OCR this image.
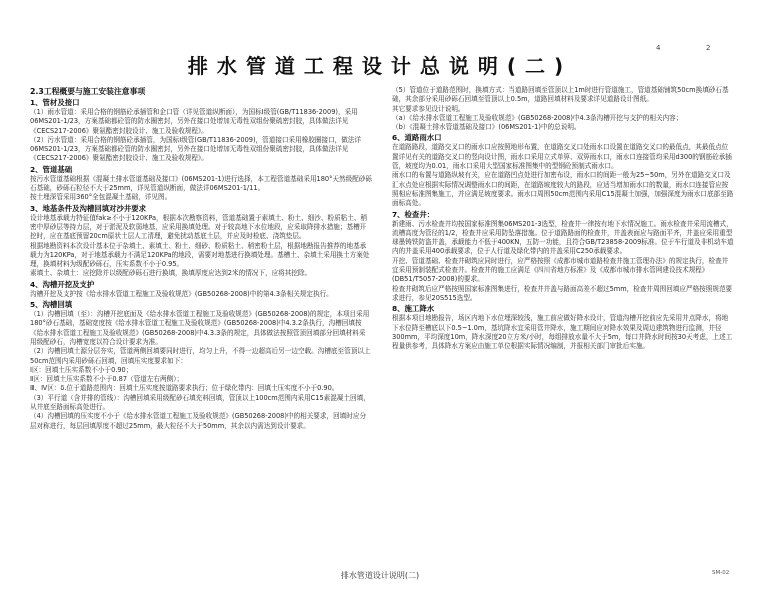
4	2
排水管道工程设计总说明(二)

2.3工程概要与施工安装注意事项

1、管材及接口

（1）雨水管道：采用合格的钢筋砼承插管和企口管（详见管道纵断面），为国标I级管(GB/T11836-2009)，采用06MS201-1/23，方案基础都砼管的防水圈密封，另外在接口处增加无毒性双组份聚硫密封胶，具体做法详见《CECS217-2006》聚氨酯密封胶设计、施工及验收规程》。

（2）污水管道：采用合格的钢筋砼承插管，为国标I级管(GB/T11836-2009)，管道接口采用橡胶圈接口，做法详06MS201-1/23，方案基础都砼管的防水圈密封，另外在接口处增加无毒性双组份聚硫密封胶，具体做法详见《CECS217-2006》聚氨酯密封胶设计、施工及验收规程》。

2、管道基础

按污水管道基础根据《混凝土排水管道基础及接口》(06MS201-1)进行选择，本工程管道基础采用180°天然级配砂砾石基础，砂砾石粒径不大于25mm，详见管道纵断面，做法详06MS201-1/11。

按土埋深管采用360°全包混凝土基础，详见图。

3、地基条件及沟槽回填对沙井要求

设计地基承载力特征值fak≥不小于120KPa，根据本次勘察资料，管道基础置于素填土、粉土、细沙、粉质粘土、稍密中厚砂层等持力层，对于淤泥及软弱地基，应采用换填处理。对于较高地下水位地段，应采取降排水措施；基槽开挖时，应在基底预留20cm原状土层人工清理，避免扰动基底土层，并应及时检底、浇筑垫层。

根据地勘资料本次设计基本位于杂填土、素填土、粉土、细砂、粉质粘土、稍密粉土层，根据地勘报告推荐的地基承载力为120KPa，对于地基承载力不满足120KPa的地段，需要对地基进行换填处理。基槽土、杂填土采用换土方案处理，换填材料为级配砂砾石，压实系数不小于0.95。

素填土、杂填土：应挖除并以级配砂砾石进行换填，换填厚度应达到2米的情况下，应将其挖除。

4、沟槽开挖及支护

沟槽开挖及支护按《给水排水管道工程施工及验收规范》(GB50268-2008)中的第4.3条相关规定执行。

5、沟槽回填

（1）沟槽回填（至）：沟槽开挖底面及《给水排水管道工程施工及验收规范》(GB50268-2008)的规定，本项目采用180°砂石基础，基础宽度按《给水排水管道工程施工及验收规范》(GB50268-2008)中4.3.2条执行，沟槽回填按《给水排水管道工程施工及验收规范》(GB50268-2008)中4.3.3条的规定，具体做法按照管顶回填部分回填材料采用级配砂石，沟槽宽度以符合设计要求为准。

（2）沟槽回填土源分层夯实，管道两侧回填要同时进行，均匀上升，不得一边超高后另一边空载。沟槽底至管顶以上50cm范围内采用砂砾石回填，回填压实度要求如下：

Ⅰ区：回填土压实系数不小于0.90；

Ⅱ区：回填土压实系数不小于0.87（管道左右两侧）；

Ⅲ、Ⅳ区：δ.位于道路范围内：回填土压实度按道路要求执行；位于绿化带内：回填土压实度不小于0.90。

（3）平行道（含并排的管线）：沟槽回填采用级配砂石填充料回填，管顶以上100cm范围内采用C15素混凝土回填，从井底至路面标高处进行。

（4）沟槽回填的压实度不小于《给水排水管道工程施工及验收规范》(GB50268-2008)中的相关要求，回填时应分层对称进行，每层回填厚度不超过25mm，最大粒径不大于50mm，其余以内需达到设计要求。

（5）管道位于道路范围时，换填方式：当道路回填至管顶以上1m时进行管道施工，管道基础铺筑50cm换填砂石基础，其余部分采用砂砾石回填至管顶以上0.5m，道路回填材料及要求详见道路设计图纸。

其它要求参见设计说明。

（a）《给水排水管道工程施工及验收规范》(GB50268-2008)中4.3条沟槽开挖与支护的相关内容；

（b）《混凝土排水管道基础及接口》(06MS201-1)中的总说明。

6、道路雨水口

在道路路段，道路交叉口的雨水口应按照地形布置，在道路交叉口处雨水口设置在道路交叉口的最低点，其最低点位置详见有关的道路交叉口的竖向设计图，雨水口采用立式单箅、双箅雨水口，雨水口连接管均采用d300的钢筋砼承插管，坡度均为0.01，雨水口采用大型国家标准图集中的型钢砼预制式雨水口。

雨水口的布置与道路纵坡有关，应在道路凹点处进行加密布设，雨水口的间距一般为25~50m，另外在道路交叉口及汇水点处应根据实际情况调整雨水口的间距，在道路坡度较大的路段，应适当增加雨水口的数量，雨水口连接管应按照相应标准图集施工，并应满足坡度要求。雨水口周围50cm范围内采用C15混凝土加强，加强深度为雨水口底部至路面标高处。

7、检查井：

新建雨、污水检查井均按国家标准图集06MS201-3选型，检查井一律按有地下水情况施工。雨水检查井采用流槽式，流槽高度为管径的1/2，检查井应采用防坠落措施。位于道路路面的检查井，井盖表面应与路面平齐，井盖应采用重型球墨铸铁防盗井盖，承载能力不低于400KN，五防一功能，且符合GB/T23858-2009标准。位于车行道及非机动车道内的井盖采用400承载要求，位于人行道及绿化带内的井盖采用C250承载要求。

开挖、管道基础、检查井砌筑应同时进行，应严格按照《成都市城市道路检查井施工管理办法》的规定执行，检查井宜采用预制装配式检查井。检查井的施工应满足《四川省地方标准》及《成都市城市排水管网建设技术规程》(DB51/T5057-2008)的要求。

检查井砌筑后应严格按照国家标准图集进行，检查井井盖与路面高差不超过5mm，检查井周围回填应严格按照规范要求进行，参见20S515选型。

8、施工降水

根据本项目地勘报告，场区内地下水位埋深较浅，施工前应做好降水设计，管道沟槽开挖前应先采用井点降水，将地下水位降至槽底以下0.5~1.0m，基坑降水宜采用管井降水，施工期间应对降水效果及周边建筑物进行监测，井径300mm，平均深度10m，降水深度20立方米/小时，每组排放水量不大于5m，每口井降水时间按30天考虑，上述工程量供参考，具体降水方案应由施工单位根据实际情况编制，并报相关部门审批后实施。

排水管道设计说明(二)	SM-02
